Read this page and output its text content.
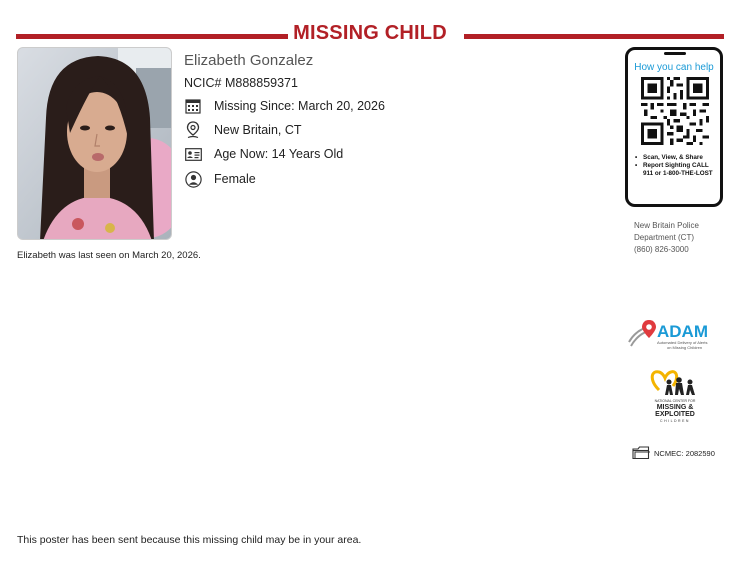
MISSING CHILD
Elizabeth Gonzalez
NCIC# M888859371
Missing Since: March 20, 2026
New Britain, CT
Age Now: 14 Years Old
Female
Elizabeth was last seen on March 20, 2026.
How you can help
• Scan, View, & Share
• Report Sighting CALL 911 or 1-800-THE-LOST
New Britain Police
Department (CT)
(860) 826-3000
ADAM
Automated Delivery of Alerts
on Missing Children
NATIONAL CENTER FOR
MISSING &
EXPLOITED
CHILDREN
NCMEC: 2082590
This poster has been sent because this missing child may be in your area.
